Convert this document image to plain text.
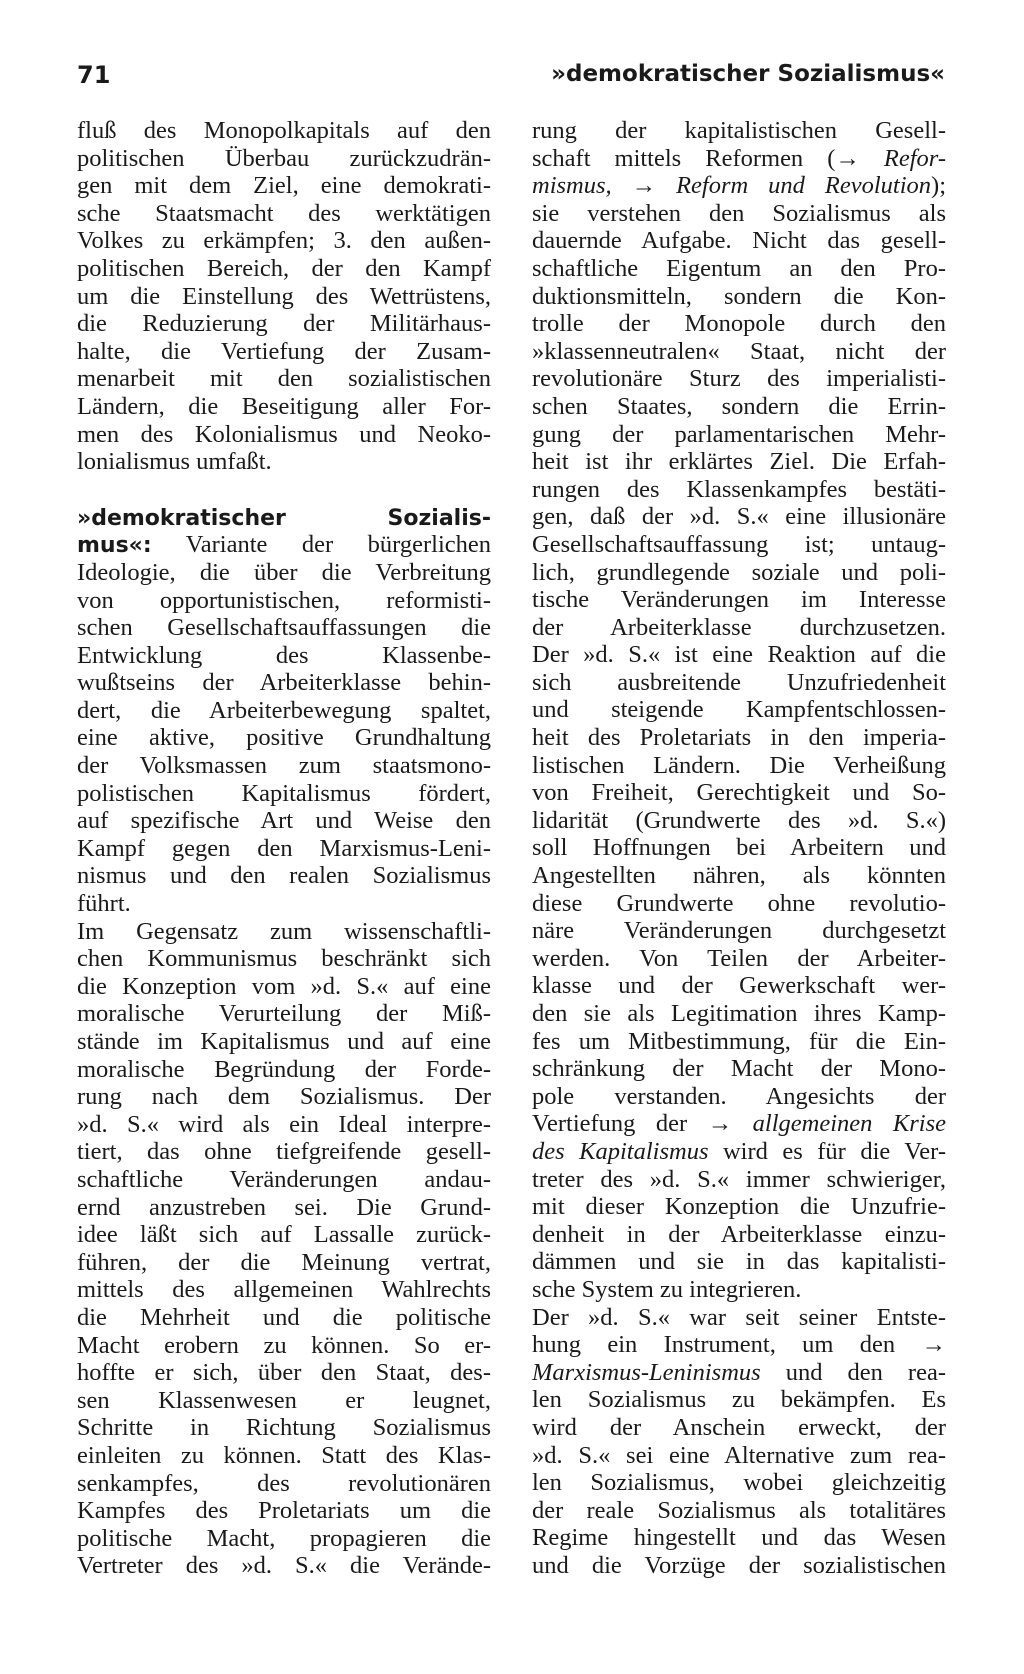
71	»demokratischer Sozialismus«
fluß des Monopolkapitals auf den
politischen Überbau zurückzudrän-
gen mit dem Ziel, eine demokrati-
sche Staatsmacht des werktätigen
Volkes zu erkämpfen; 3. den außen-
politischen Bereich, der den Kampf
um die Einstellung des Wettrüstens,
die Reduzierung der Militärhaus-
halte, die Vertiefung der Zusam-
menarbeit mit den sozialistischen
Ländern, die Beseitigung aller For-
men des Kolonialismus und Neoko-
lonialismus umfaßt.
»demokratischer Sozialis-
mus«: Variante der bürgerlichen
Ideologie, die über die Verbreitung
von opportunistischen, reformisti-
schen Gesellschaftsauffassungen die
Entwicklung des Klassenbe-
wußtseins der Arbeiterklasse behin-
dert, die Arbeiterbewegung spaltet,
eine aktive, positive Grundhaltung
der Volksmassen zum staatsmono-
polistischen Kapitalismus fördert,
auf spezifische Art und Weise den
Kampf gegen den Marxismus-Leni-
nismus und den realen Sozialismus
führt.
Im Gegensatz zum wissenschaftli-
chen Kommunismus beschränkt sich
die Konzeption vom »d. S.« auf eine
moralische Verurteilung der Miß-
stände im Kapitalismus und auf eine
moralische Begründung der Forde-
rung nach dem Sozialismus. Der
»d. S.« wird als ein Ideal interpre-
tiert, das ohne tiefgreifende gesell-
schaftliche Veränderungen andau-
ernd anzustreben sei. Die Grund-
idee läßt sich auf Lassalle zurück-
führen, der die Meinung vertrat,
mittels des allgemeinen Wahlrechts
die Mehrheit und die politische
Macht erobern zu können. So er-
hoffte er sich, über den Staat, des-
sen Klassenwesen er leugnet,
Schritte in Richtung Sozialismus
einleiten zu können. Statt des Klas-
senkampfes, des revolutionären
Kampfes des Proletariats um die
politische Macht, propagieren die
Vertreter des »d. S.« die Verände-
rung der kapitalistischen Gesell-
schaft mittels Reformen (→ Refor-
mismus, → Reform und Revolution);
sie verstehen den Sozialismus als
dauernde Aufgabe. Nicht das gesell-
schaftliche Eigentum an den Pro-
duktionsmitteln, sondern die Kon-
trolle der Monopole durch den
»klassenneutralen« Staat, nicht der
revolutionäre Sturz des imperialisti-
schen Staates, sondern die Errin-
gung der parlamentarischen Mehr-
heit ist ihr erklärtes Ziel. Die Erfah-
rungen des Klassenkampfes bestäti-
gen, daß der »d. S.« eine illusionäre
Gesellschaftsauffassung ist; untaug-
lich, grundlegende soziale und poli-
tische Veränderungen im Interesse
der Arbeiterklasse durchzusetzen.
Der »d. S.« ist eine Reaktion auf die
sich ausbreitende Unzufriedenheit
und steigende Kampfentschlossen-
heit des Proletariats in den imperia-
listischen Ländern. Die Verheißung
von Freiheit, Gerechtigkeit und So-
lidarität (Grundwerte des »d. S.«)
soll Hoffnungen bei Arbeitern und
Angestellten nähren, als könnten
diese Grundwerte ohne revolutio-
näre Veränderungen durchgesetzt
werden. Von Teilen der Arbeiter-
klasse und der Gewerkschaft wer-
den sie als Legitimation ihres Kamp-
fes um Mitbestimmung, für die Ein-
schränkung der Macht der Mono-
pole verstanden. Angesichts der
Vertiefung der → allgemeinen Krise
des Kapitalismus wird es für die Ver-
treter des »d. S.« immer schwieriger,
mit dieser Konzeption die Unzufrie-
denheit in der Arbeiterklasse einzu-
dämmen und sie in das kapitalisti-
sche System zu integrieren.
Der »d. S.« war seit seiner Entste-
hung ein Instrument, um den →
Marxismus-Leninismus und den rea-
len Sozialismus zu bekämpfen. Es
wird der Anschein erweckt, der
»d. S.« sei eine Alternative zum rea-
len Sozialismus, wobei gleichzeitig
der reale Sozialismus als totalitäres
Regime hingestellt und das Wesen
und die Vorzüge der sozialistischen
